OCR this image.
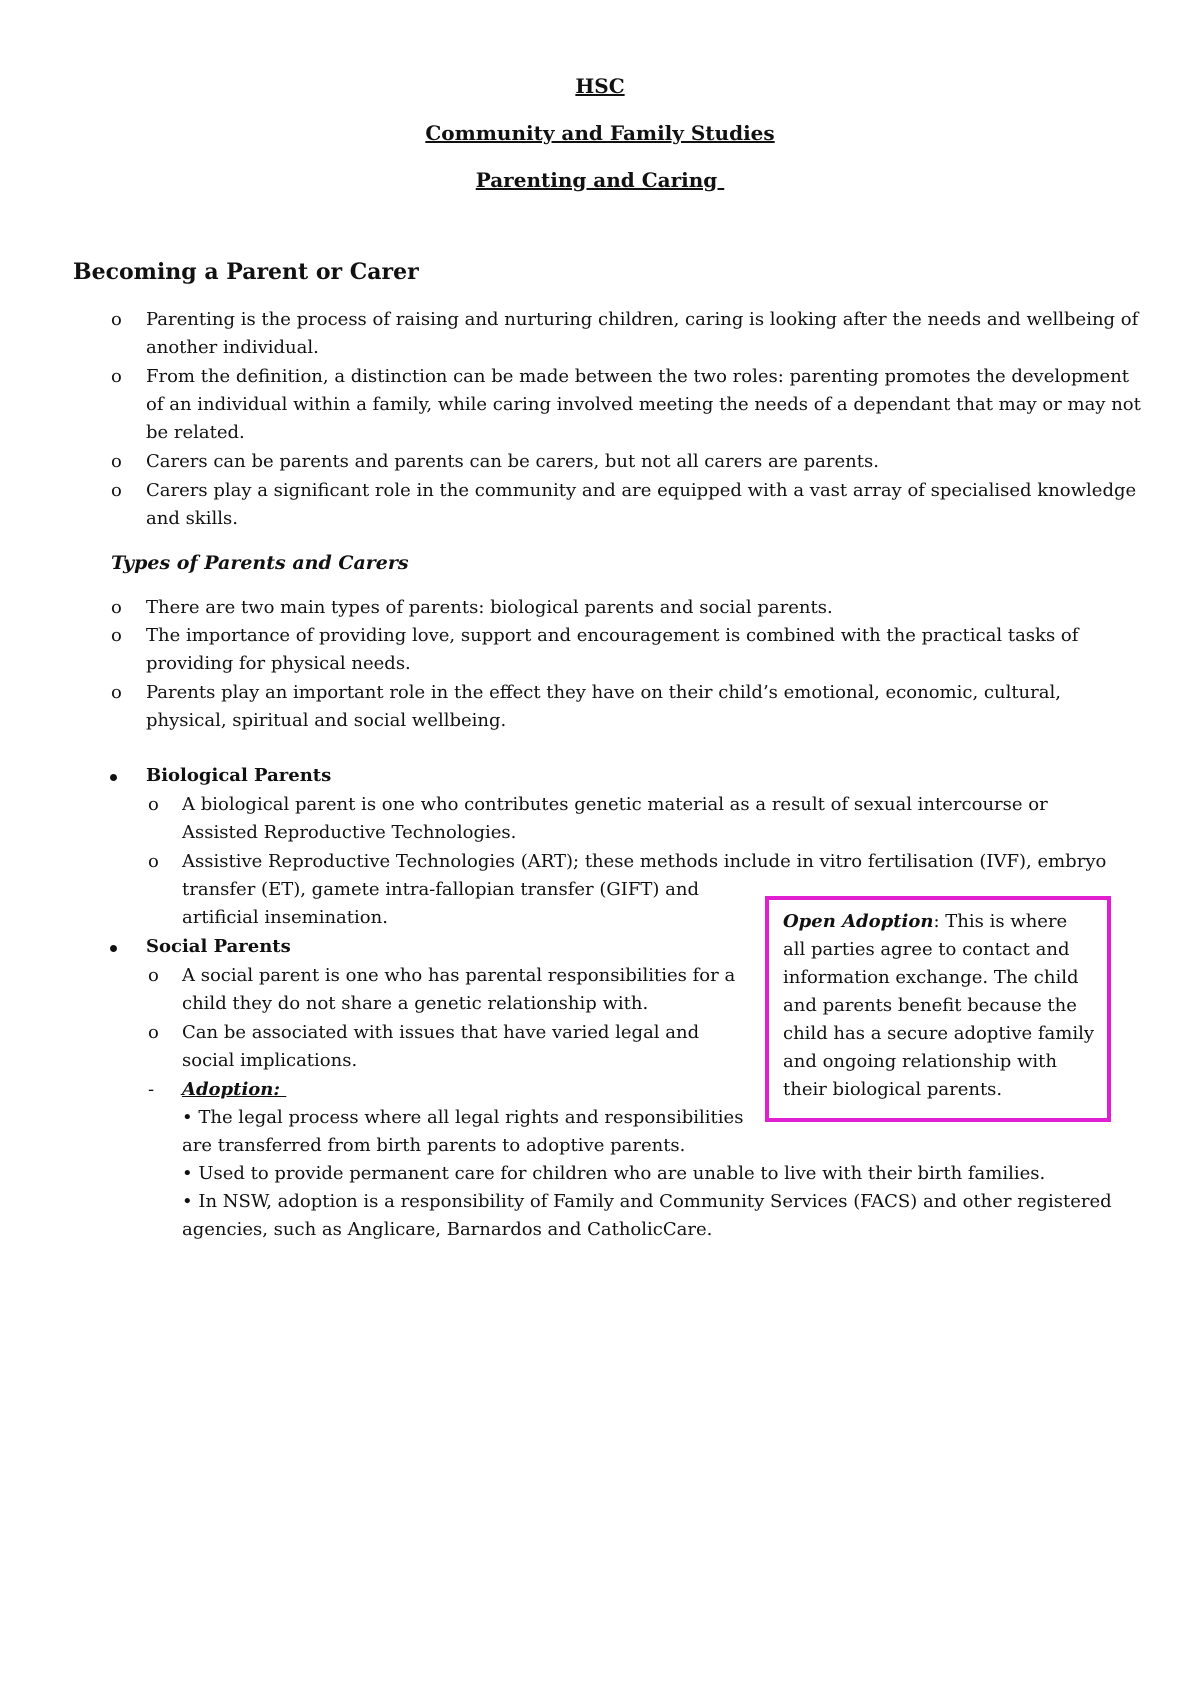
HSC
Community and Family Studies
Parenting and Caring
Becoming a Parent or Carer
o Parenting is the process of raising and nurturing children, caring is looking after the needs and wellbeing of another individual.
o From the definition, a distinction can be made between the two roles: parenting promotes the development of an individual within a family, while caring involved meeting the needs of a dependant that may or may not be related.
o Carers can be parents and parents can be carers, but not all carers are parents.
o Carers play a significant role in the community and are equipped with a vast array of specialised knowledge and skills.
Types of Parents and Carers
o There are two main types of parents: biological parents and social parents.
o The importance of providing love, support and encouragement is combined with the practical tasks of providing for physical needs.
o Parents play an important role in the effect they have on their child’s emotional, economic, cultural, physical, spiritual and social wellbeing.
Biological Parents
o A biological parent is one who contributes genetic material as a result of sexual intercourse or Assisted Reproductive Technologies.
o Assistive Reproductive Technologies (ART); these methods include in vitro fertilisation (IVF), embryo
transfer (ET), gamete intra-fallopian transfer (GIFT) and
artificial insemination.
Social Parents
o A social parent is one who has parental responsibilities for a child they do not share a genetic relationship with.
o Can be associated with issues that have varied legal and social implications.
- Adoption:
• The legal process where all legal rights and responsibilities
are transferred from birth parents to adoptive parents.
• Used to provide permanent care for children who are unable to live with their birth families.
• In NSW, adoption is a responsibility of Family and Community Services (FACS) and other registered
agencies, such as Anglicare, Barnardos and CatholicCare.
Open Adoption: This is where all parties agree to contact and information exchange. The child and parents benefit because the child has a secure adoptive family and ongoing relationship with their biological parents.
